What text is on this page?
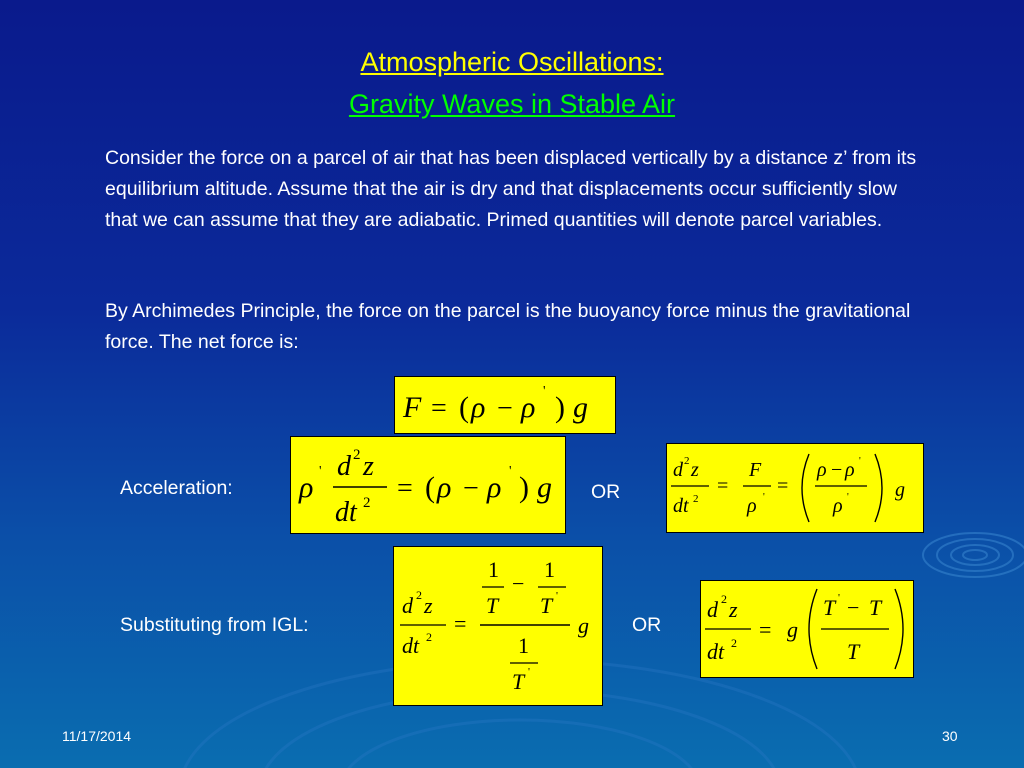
Atmospheric Oscillations:
Gravity Waves in Stable Air
Consider the force on a parcel of air that has been displaced vertically by a distance z’ from its equilibrium altitude. Assume that the air is dry and that displacements occur sufficiently slow that we can assume that they are adiabatic. Primed quantities will denote parcel variables.
By Archimedes Principle, the force on the parcel is the buoyancy force minus the gravitational force. The net force is:
F = ( ρ − ρ ' ) g
Acceleration: ρ ' d 2 z
dt 2 = ( ρ − ρ ' ) g OR
d 2 z
dt 2
=
F
ρ '
=
ρ − ρ '
ρ ' g
Substituting from IGL:
d 2 z
dt 2
=
1
T
−
1
T '
1
T '
g OR
d 2 z
dt 2
= g
T ' − T
T
11/17/2014	30
